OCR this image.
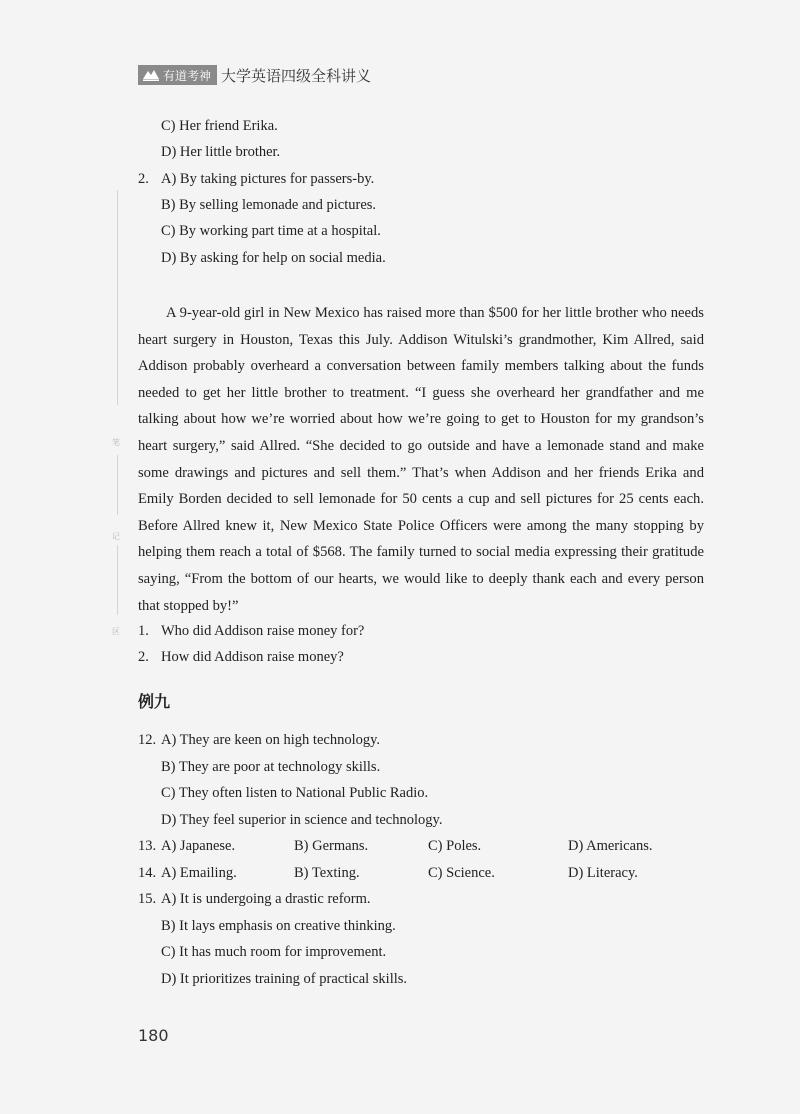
有道考神 大学英语四级全科讲义
笔
记
区
C) Her friend Erika.
D) Her little brother.
2. A) By taking pictures for passers-by.
B) By selling lemonade and pictures.
C) By working part time at a hospital.
D) By asking for help on social media.

A 9-year-old girl in New Mexico has raised more than $500 for her little brother who needs heart surgery in Houston, Texas this July. Addison Witulski’s grandmother, Kim Allred, said Addison probably overheard a conversation between family members talking about the funds needed to get her little brother to treatment. “I guess she overheard her grandfather and me talking about how we’re worried about how we’re going to get to Houston for my grandson’s heart surgery,” said Allred. “She decided to go outside and have a lemonade stand and make some drawings and pictures and sell them.” That’s when Addison and her friends Erika and Emily Borden decided to sell lemonade for 50 cents a cup and sell pictures for 25 cents each. Before Allred knew it, New Mexico State Police Officers were among the many stopping by helping them reach a total of $568. The family turned to social media expressing their gratitude saying, “From the bottom of our hearts, we would like to deeply thank each and every person that stopped by!”

1. Who did Addison raise money for?
2. How did Addison raise money?
例九
12. A) They are keen on high technology.
B) They are poor at technology skills.
C) They often listen to National Public Radio.
D) They feel superior in science and technology.
13. A) Japanese.	B) Germans.	C) Poles.	D) Americans.
14. A) Emailing.	B) Texting.	C) Science.	D) Literacy.
15. A) It is undergoing a drastic reform.
B) It lays emphasis on creative thinking.
C) It has much room for improvement.
D) It prioritizes training of practical skills.
180
